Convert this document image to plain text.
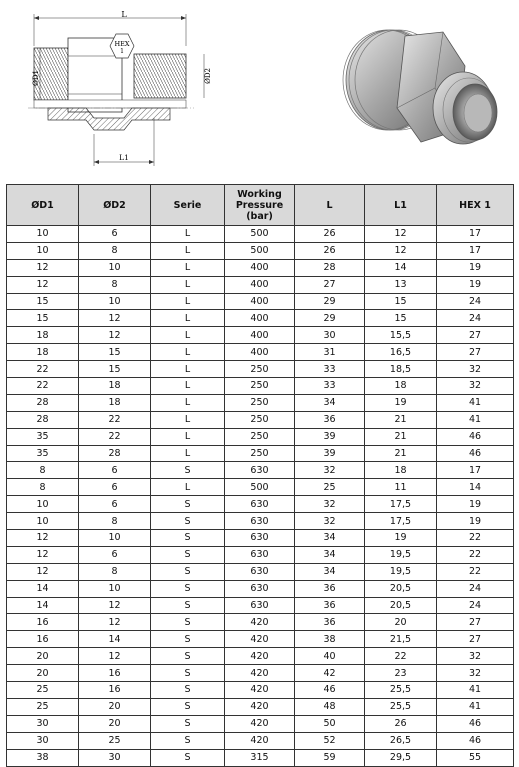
L
HEX
1
ØD1	ØD2
L1
ØD1	ØD2	Serie	Working Pressure (bar)	L	L1	HEX 1
10	6	L	500	26	12	17
10	8	L	500	26	12	17
12	10	L	400	28	14	19
12	8	L	400	27	13	19
15	10	L	400	29	15	24
15	12	L	400	29	15	24
18	12	L	400	30	15,5	27
18	15	L	400	31	16,5	27
22	15	L	250	33	18,5	32
22	18	L	250	33	18	32
28	18	L	250	34	19	41
28	22	L	250	36	21	41
35	22	L	250	39	21	46
35	28	L	250	39	21	46
8	6	S	630	32	18	17
8	6	L	500	25	11	14
10	6	S	630	32	17,5	19
10	8	S	630	32	17,5	19
12	10	S	630	34	19	22
12	6	S	630	34	19,5	22
12	8	S	630	34	19,5	22
14	10	S	630	36	20,5	24
14	12	S	630	36	20,5	24
16	12	S	420	36	20	27
16	14	S	420	38	21,5	27
20	12	S	420	40	22	32
20	16	S	420	42	23	32
25	16	S	420	46	25,5	41
25	20	S	420	48	25,5	41
30	20	S	420	50	26	46
30	25	S	420	52	26,5	46
38	30	S	315	59	29,5	55
